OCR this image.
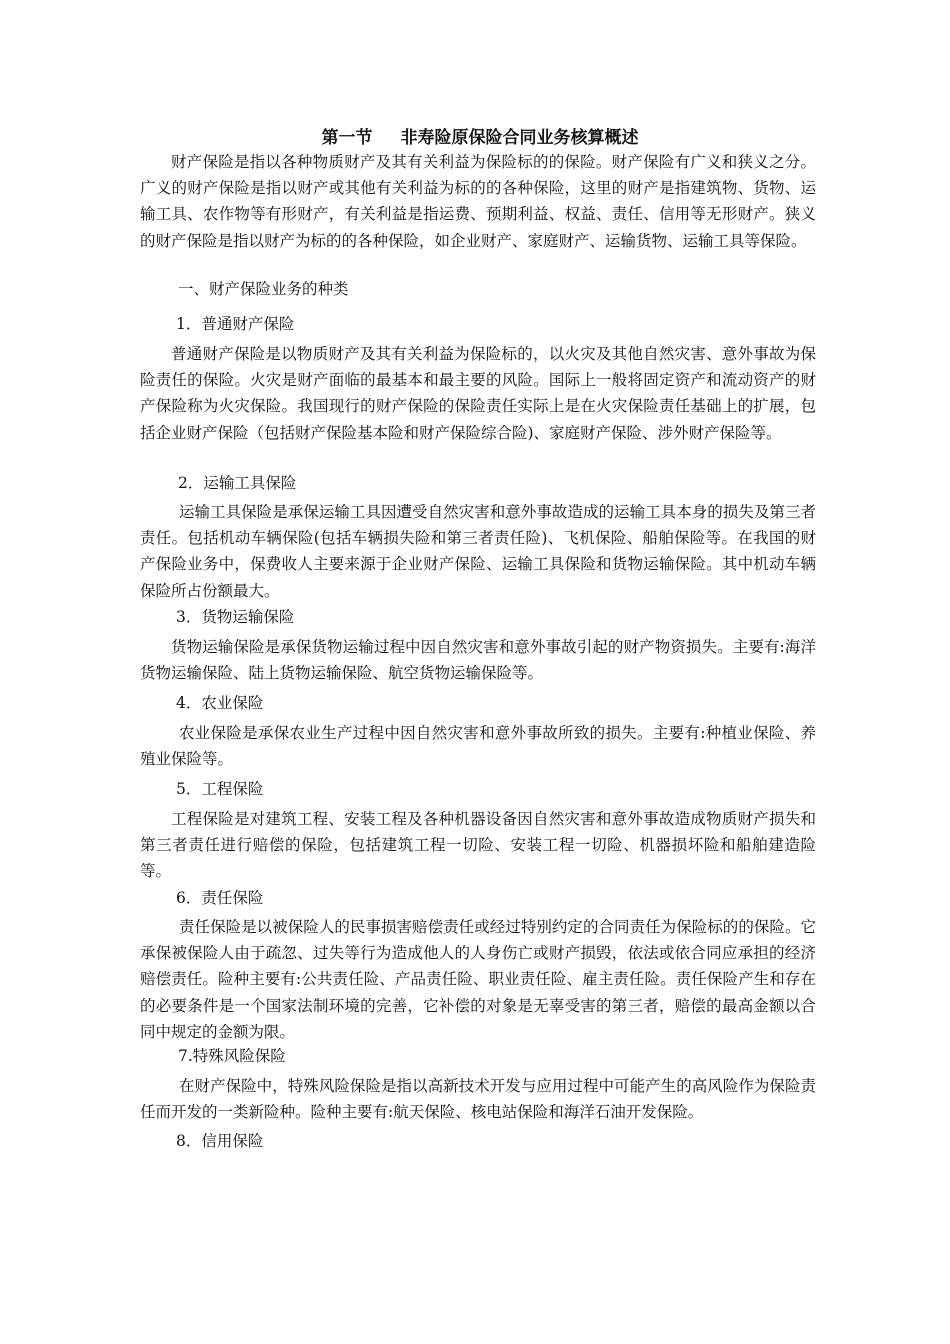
第一节 非寿险原保险合同业务核算概述
财产保险是指以各种物质财产及其有关利益为保险标的的保险。财产保险有广义和狭义之分。广义的财产保险是指以财产或其他有关利益为标的的各种保险，这里的财产是指建筑物、货物、运输工具、农作物等有形财产，有关利益是指运费、预期利益、权益、责任、信用等无形财产。狭义的财产保险是指以财产为标的的各种保险，如企业财产、家庭财产、运输货物、运输工具等保险。
一、财产保险业务的种类
1．普通财产保险
普通财产保险是以物质财产及其有关利益为保险标的，以火灾及其他自然灾害、意外事故为保险责任的保险。火灾是财产面临的最基本和最主要的风险。国际上一般将固定资产和流动资产的财产保险称为火灾保险。我国现行的财产保险的保险责任实际上是在火灾保险责任基础上的扩展，包括企业财产保险（包括财产保险基本险和财产保险综合险)、家庭财产保险、涉外财产保险等。
2．运输工具保险
运输工具保险是承保运输工具因遭受自然灾害和意外事故造成的运输工具本身的损失及第三者责任。包括机动车辆保险(包括车辆损失险和第三者责任险)、飞机保险、船舶保险等。在我国的财产保险业务中，保费收人主要来源于企业财产保险、运输工具保险和货物运输保险。其中机动车辆保险所占份额最大。
3．货物运输保险
货物运输保险是承保货物运输过程中因自然灾害和意外事故引起的财产物资损失。主要有:海洋货物运输保险、陆上货物运输保险、航空货物运输保险等。
4．农业保险
农业保险是承保农业生产过程中因自然灾害和意外事故所致的损失。主要有:种植业保险、养殖业保险等。
5．工程保险
工程保险是对建筑工程、安装工程及各种机器设备因自然灾害和意外事故造成物质财产损失和第三者责任进行赔偿的保险，包括建筑工程一切险、安装工程一切险、机器损坏险和船舶建造险等。
6．责任保险
责任保险是以被保险人的民事损害赔偿责任或经过特别约定的合同责任为保险标的的保险。它承保被保险人由于疏忽、过失等行为造成他人的人身伤亡或财产损毁，依法或依合同应承担的经济赔偿责任。险种主要有:公共责任险、产品责任险、职业责任险、雇主责任险。责任保险产生和存在的必要条件是一个国家法制环境的完善，它补偿的对象是无辜受害的第三者，赔偿的最高金额以合同中规定的金额为限。
7.特殊风险保险
在财产保险中，特殊风险保险是指以高新技术开发与应用过程中可能产生的高风险作为保险责任而开发的一类新险种。险种主要有:航天保险、核电站保险和海洋石油开发保险。
8．信用保险
